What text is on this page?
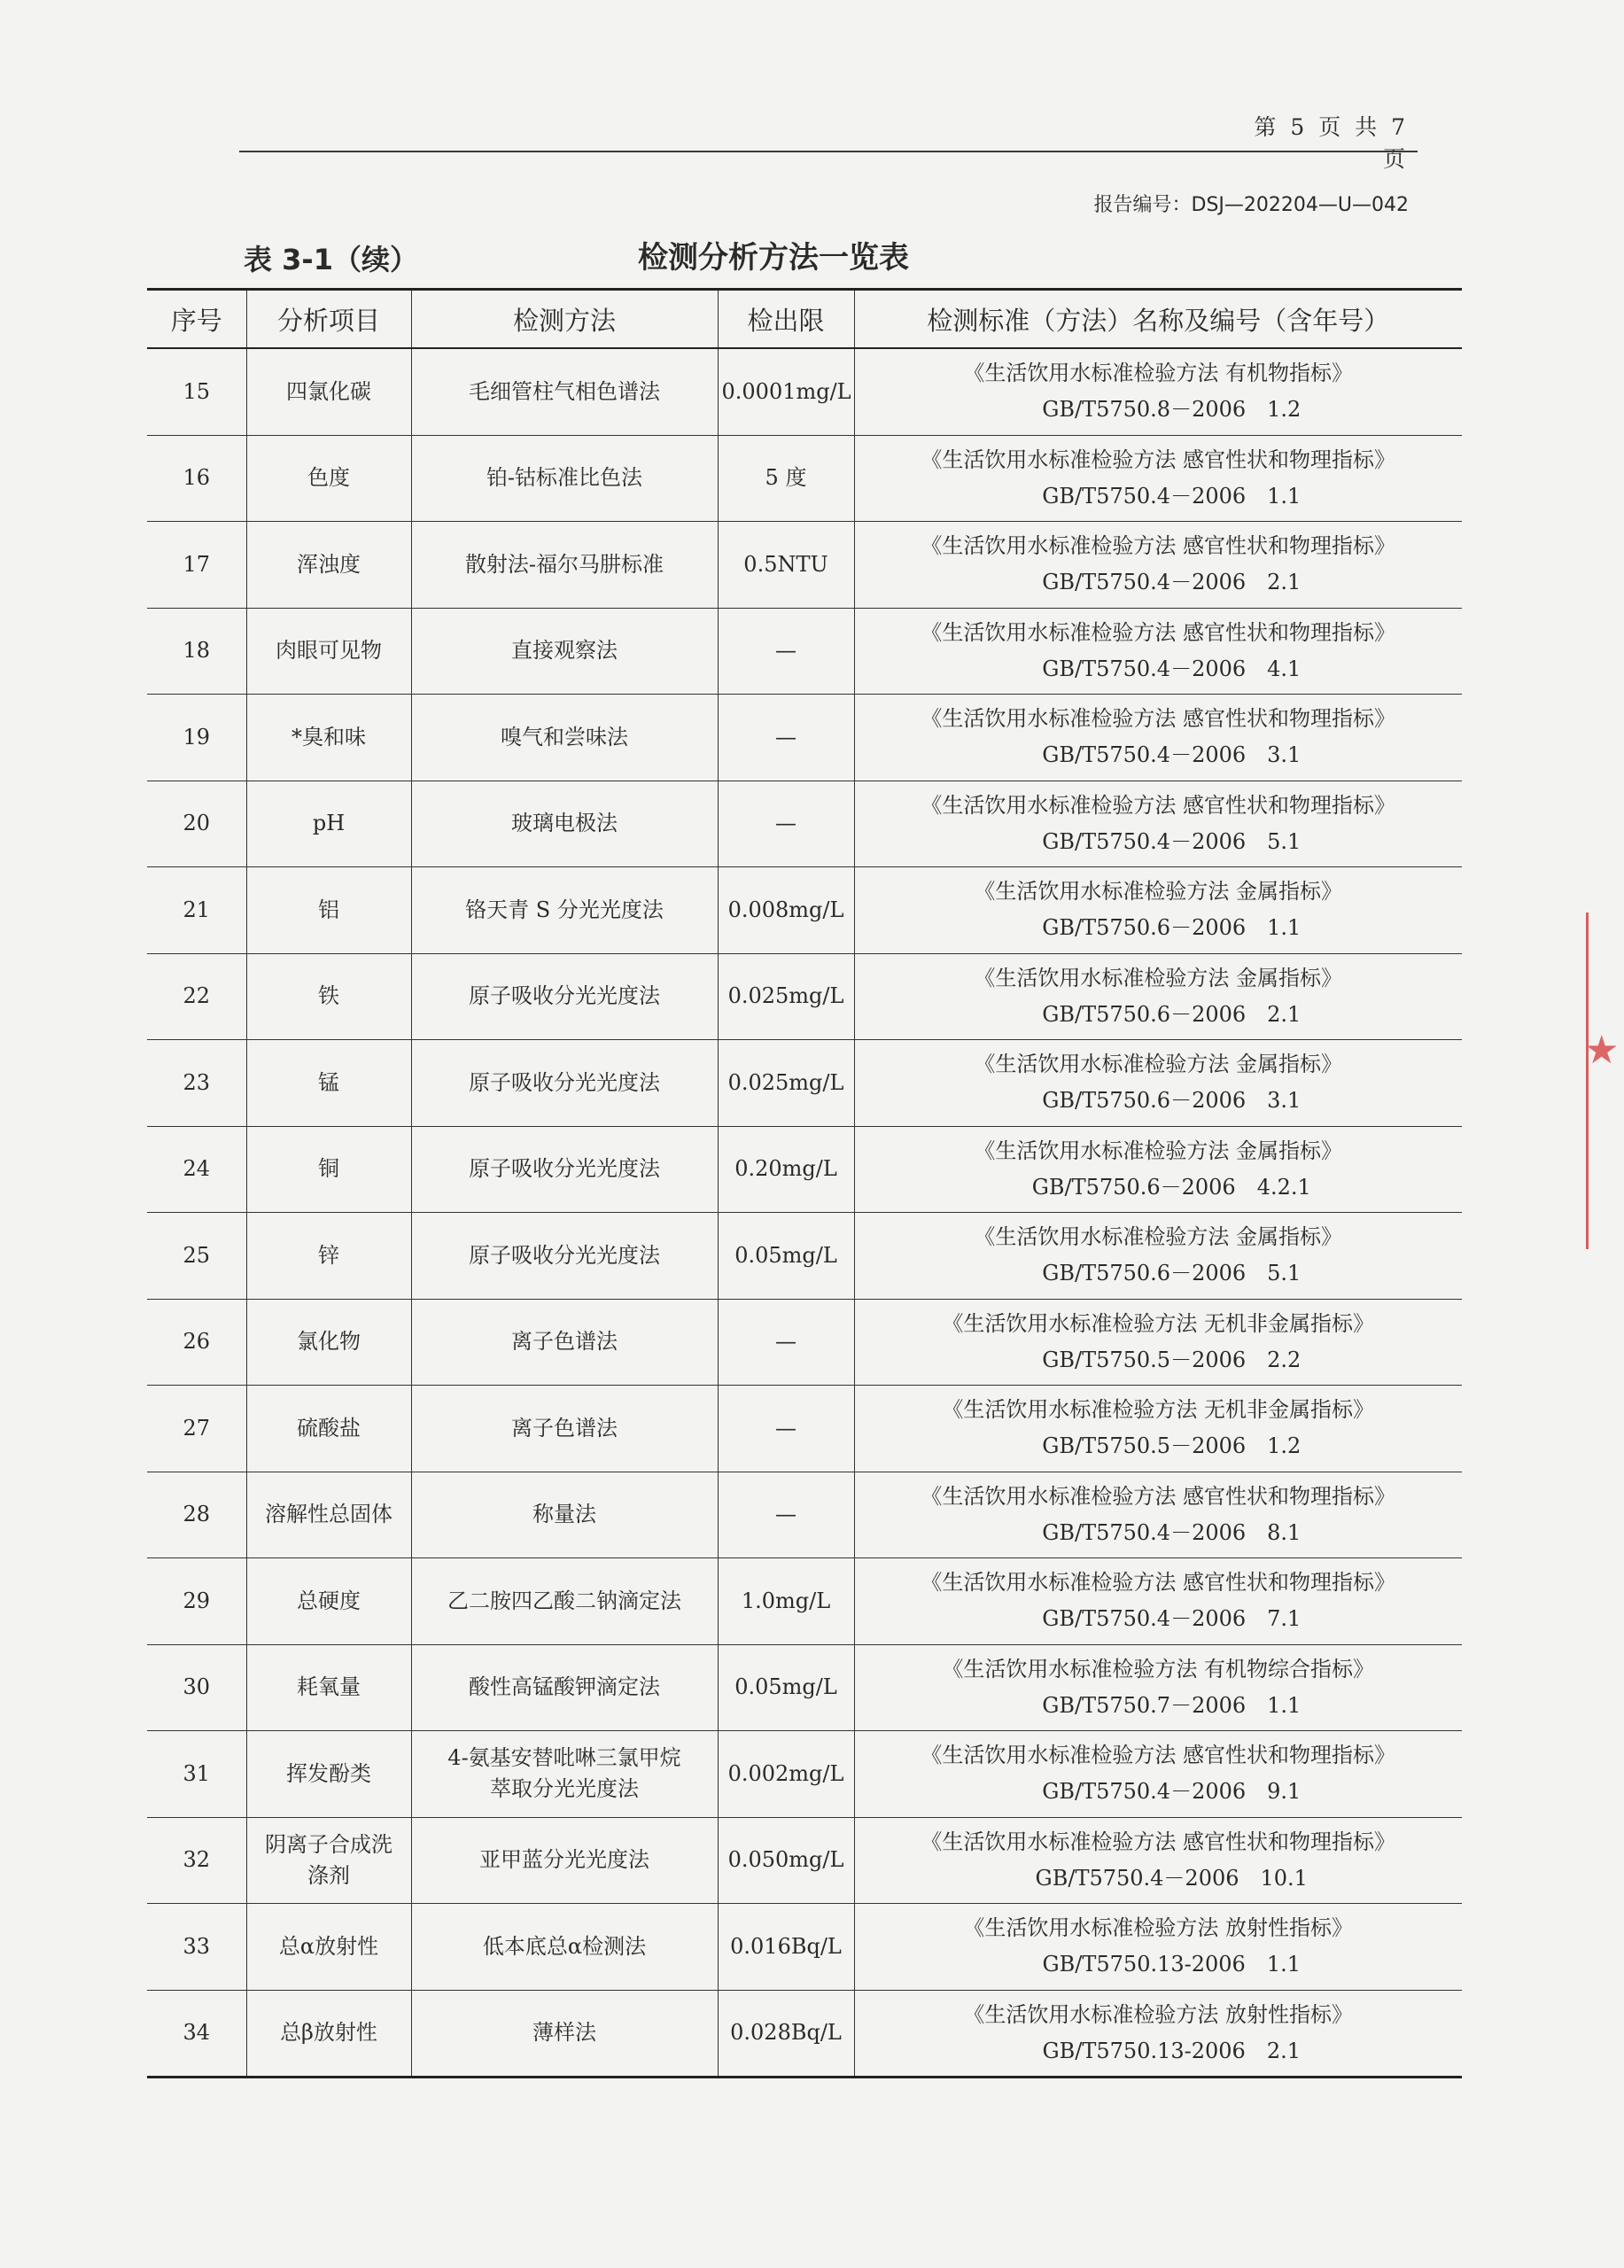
第 5 页 共 7 页
报告编号：DSJ—202204—U—042
表 3-1（续）	检测分析方法一览表
序号	分析项目	检测方法	检出限	检测标准（方法）名称及编号（含年号）
15	四氯化碳	毛细管柱气相色谱法	0.0001mg/L	《生活饮用水标准检验方法 有机物指标》
GB/T5750.8－2006　1.2

16	色度	铂-钴标准比色法	5 度	《生活饮用水标准检验方法 感官性状和物理指标》
GB/T5750.4－2006　1.1

17	浑浊度	散射法-福尔马肼标准	0.5NTU	《生活饮用水标准检验方法 感官性状和物理指标》
GB/T5750.4－2006　2.1

18	肉眼可见物	直接观察法	—	《生活饮用水标准检验方法 感官性状和物理指标》
GB/T5750.4－2006　4.1

19	*臭和味	嗅气和尝味法	—	《生活饮用水标准检验方法 感官性状和物理指标》
GB/T5750.4－2006　3.1

20	pH	玻璃电极法	—	《生活饮用水标准检验方法 感官性状和物理指标》
GB/T5750.4－2006　5.1

21	铝	铬天青 S 分光光度法	0.008mg/L	《生活饮用水标准检验方法 金属指标》
GB/T5750.6－2006　1.1

22	铁	原子吸收分光光度法	0.025mg/L	《生活饮用水标准检验方法 金属指标》
GB/T5750.6－2006　2.1

23	锰	原子吸收分光光度法	0.025mg/L	《生活饮用水标准检验方法 金属指标》
GB/T5750.6－2006　3.1

24	铜	原子吸收分光光度法	0.20mg/L	《生活饮用水标准检验方法 金属指标》
GB/T5750.6－2006　4.2.1

25	锌	原子吸收分光光度法	0.05mg/L	《生活饮用水标准检验方法 金属指标》
GB/T5750.6－2006　5.1

26	氯化物	离子色谱法	—	《生活饮用水标准检验方法 无机非金属指标》
GB/T5750.5－2006　2.2

27	硫酸盐	离子色谱法	—	《生活饮用水标准检验方法 无机非金属指标》
GB/T5750.5－2006　1.2

28	溶解性总固体	称量法	—	《生活饮用水标准检验方法 感官性状和物理指标》
GB/T5750.4－2006　8.1

29	总硬度	乙二胺四乙酸二钠滴定法	1.0mg/L	《生活饮用水标准检验方法 感官性状和物理指标》
GB/T5750.4－2006　7.1

30	耗氧量	酸性高锰酸钾滴定法	0.05mg/L	《生活饮用水标准检验方法 有机物综合指标》
GB/T5750.7－2006　1.1

31	挥发酚类	4-氨基安替吡啉三氯甲烷
萃取分光光度法	0.002mg/L	《生活饮用水标准检验方法 感官性状和物理指标》
GB/T5750.4－2006　9.1

32	阴离子合成洗
涤剂	亚甲蓝分光光度法	0.050mg/L	《生活饮用水标准检验方法 感官性状和物理指标》
GB/T5750.4－2006　10.1

33	总α放射性	低本底总α检测法	0.016Bq/L	《生活饮用水标准检验方法 放射性指标》
GB/T5750.13-2006　1.1

34	总β放射性	薄样法	0.028Bq/L	《生活饮用水标准检验方法 放射性指标》
GB/T5750.13-2006　2.1
★
